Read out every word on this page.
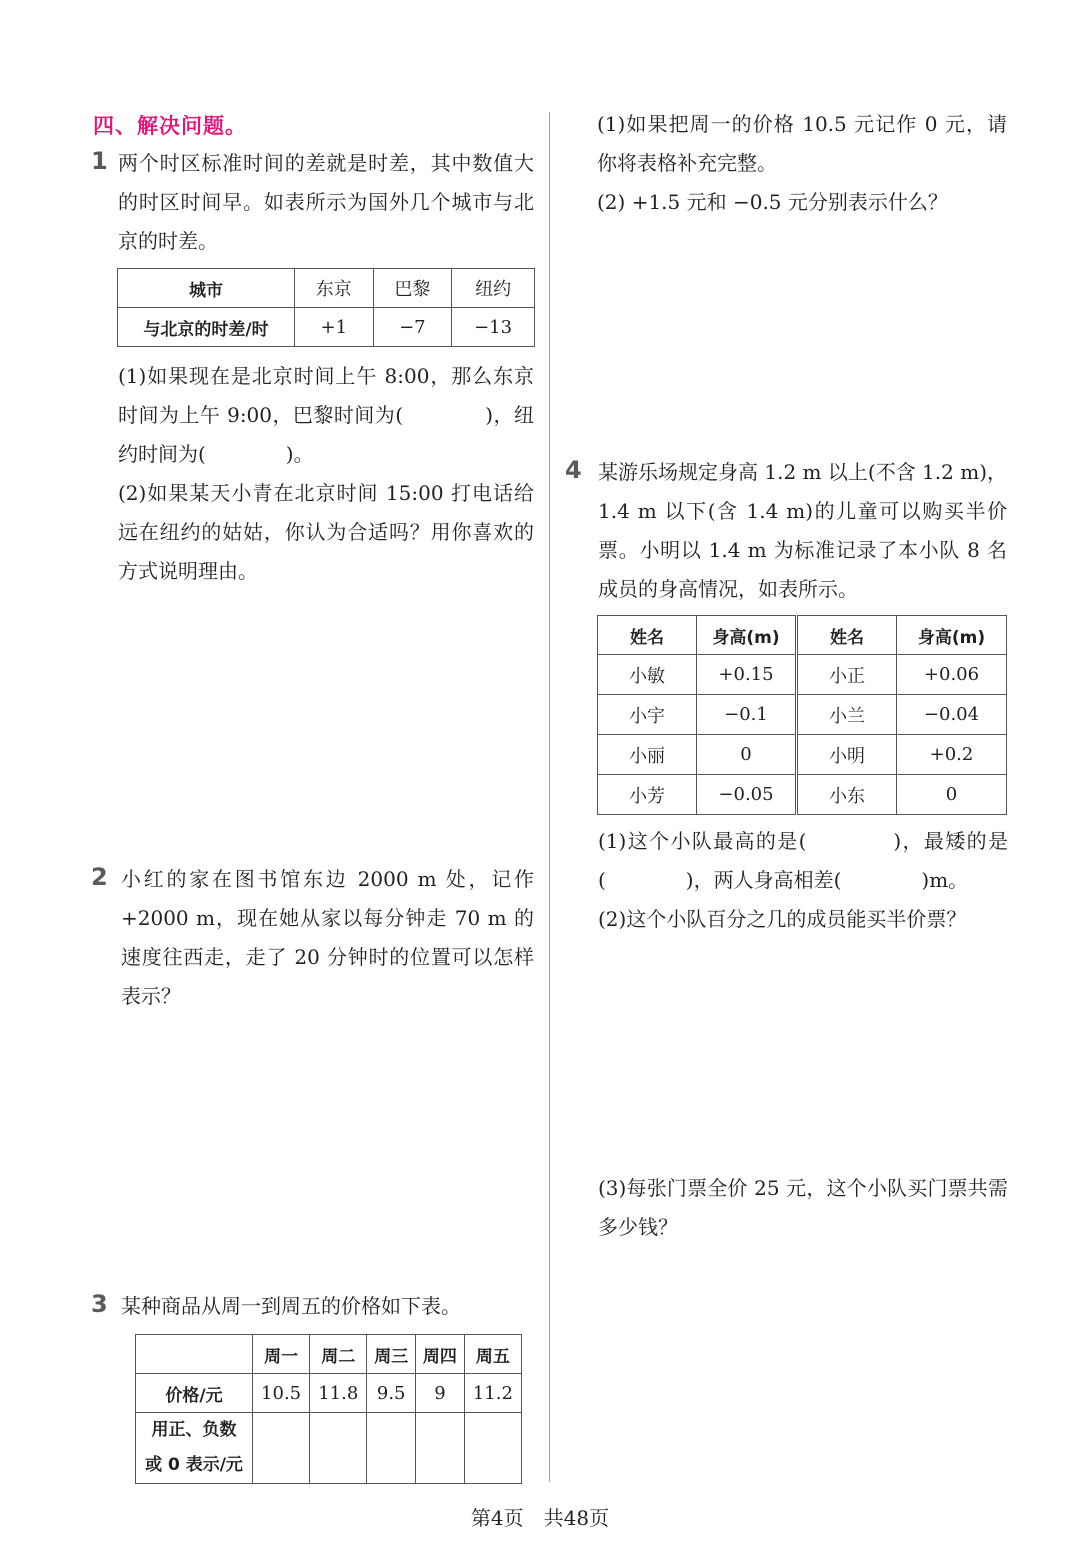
四、解决问题。
1 两个时区标准时间的差就是时差，其中数值大的时区时间早。如表所示为国外几个城市与北京的时差。
城市	东京	巴黎	纽约
与北京的时差/时	+1	−7	−13
(1)如果现在是北京时间上午 8:00，那么东京时间为上午 9:00，巴黎时间为(　　　　)，纽约时间为(　　　　)。
(2)如果某天小青在北京时间 15:00 打电话给远在纽约的姑姑，你认为合适吗？用你喜欢的方式说明理由。
2 小红的家在图书馆东边 2000 m 处，记作 +2000 m，现在她从家以每分钟走 70 m 的速度往西走，走了 20 分钟时的位置可以怎样表示？
3 某种商品从周一到周五的价格如下表。
	周一	周二	周三	周四	周五
价格/元	10.5	11.8	9.5	9	11.2

用正、负数
或 0 表示/元					

(1)如果把周一的价格 10.5 元记作 0 元，请你将表格补充完整。
(2) +1.5 元和 −0.5 元分别表示什么？
4 某游乐场规定身高 1.2 m 以上(不含 1.2 m)，1.4 m 以下(含 1.4 m)的儿童可以购买半价票。小明以 1.4 m 为标准记录了本小队 8 名成员的身高情况，如表所示。
姓名	身高(m)	姓名	身高(m)
小敏	+0.15	小正	+0.06
小宇	−0.1	小兰	−0.04
小丽	0	小明	+0.2
小芳	−0.05	小东	0
(1)这个小队最高的是(　　　　)，最矮的是(　　　　)，两人身高相差(　　　　)m。
(2)这个小队百分之几的成员能买半价票？
(3)每张门票全价 25 元，这个小队买门票共需多少钱？
第4页　共48页
